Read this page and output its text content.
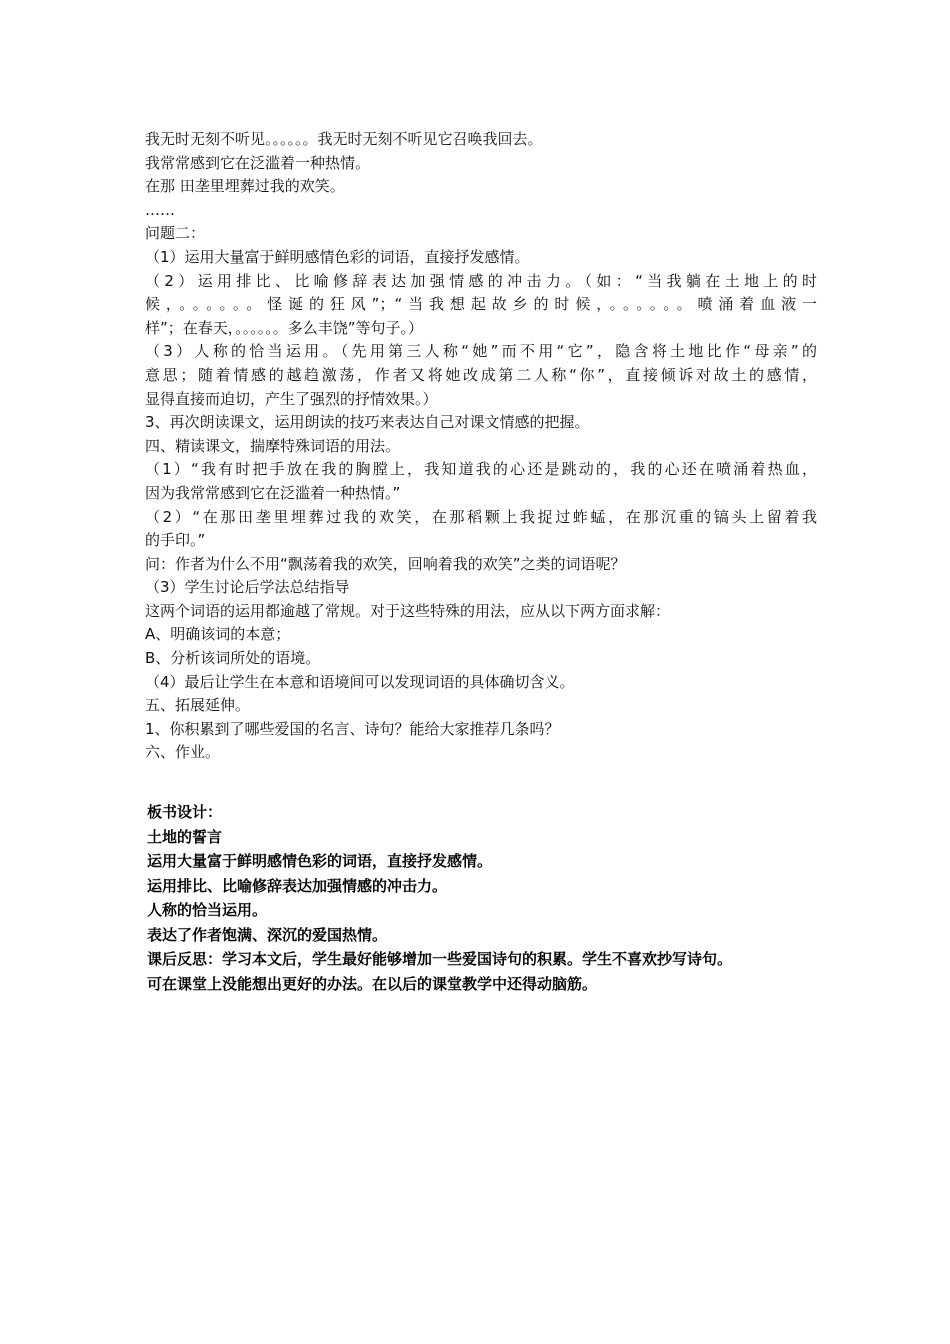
我无时无刻不听见。。。。。。我无时无刻不听见它召唤我回去。
我常常感到它在泛滥着一种热情。
在那 田垄里埋葬过我的欢笑。
……
问题二：
（1）运用大量富于鲜明感情色彩的词语，直接抒发感情。
（2）运用排比、比喻修辞表达加强情感的冲击力。（如：“当我躺在土地上的时
候，。。。。。。怪诞的狂风”；“当我想起故乡的时候，。。。。。。喷涌着血液一
样”；在春天，。。。。。。多么丰饶”等句子。）
（3）人称的恰当运用。（先用第三人称“她”而不用“它”，隐含将土地比作“母亲”的
意思；随着情感的越趋激荡，作者又将她改成第二人称“你”，直接倾诉对故土的感情，
显得直接而迫切，产生了强烈的抒情效果。）
3、再次朗读课文，运用朗读的技巧来表达自己对课文情感的把握。
四、精读课文，揣摩特殊词语的用法。
（1）“我有时把手放在我的胸膛上，我知道我的心还是跳动的，我的心还在喷涌着热血，
因为我常常感到它在泛滥着一种热情。”
（2）“在那田垄里埋葬过我的欢笑，在那稻颗上我捉过蚱蜢，在那沉重的镐头上留着我
的手印。”
问：作者为什么不用“飘荡着我的欢笑，回响着我的欢笑”之类的词语呢？
（3）学生讨论后学法总结指导
这两个词语的运用都逾越了常规。对于这些特殊的用法，应从以下两方面求解：
A、明确该词的本意；
B、分析该词所处的语境。
（4）最后让学生在本意和语境间可以发现词语的具体确切含义。
五、拓展延伸。
1、你积累到了哪些爱国的名言、诗句？能给大家推荐几条吗？
六、作业。
板书设计：
土地的誓言
运用大量富于鲜明感情色彩的词语，直接抒发感情。
运用排比、比喻修辞表达加强情感的冲击力。
人称的恰当运用。
表达了作者饱满、深沉的爱国热情。
课后反思：学习本文后，学生最好能够增加一些爱国诗句的积累。学生不喜欢抄写诗句。
可在课堂上没能想出更好的办法。在以后的课堂教学中还得动脑筋。
